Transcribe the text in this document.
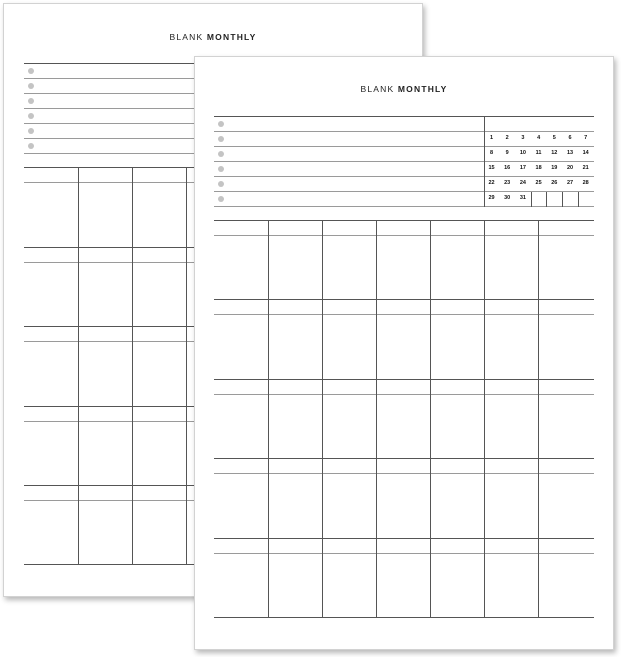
BLANK MONTHLY
BLANK MONTHLY
1	2	3	4	5	6	7
8	9	10	11	12	13	14
15	16	17	18	19	20	21
22	23	24	25	26	27	28
29	30	31
